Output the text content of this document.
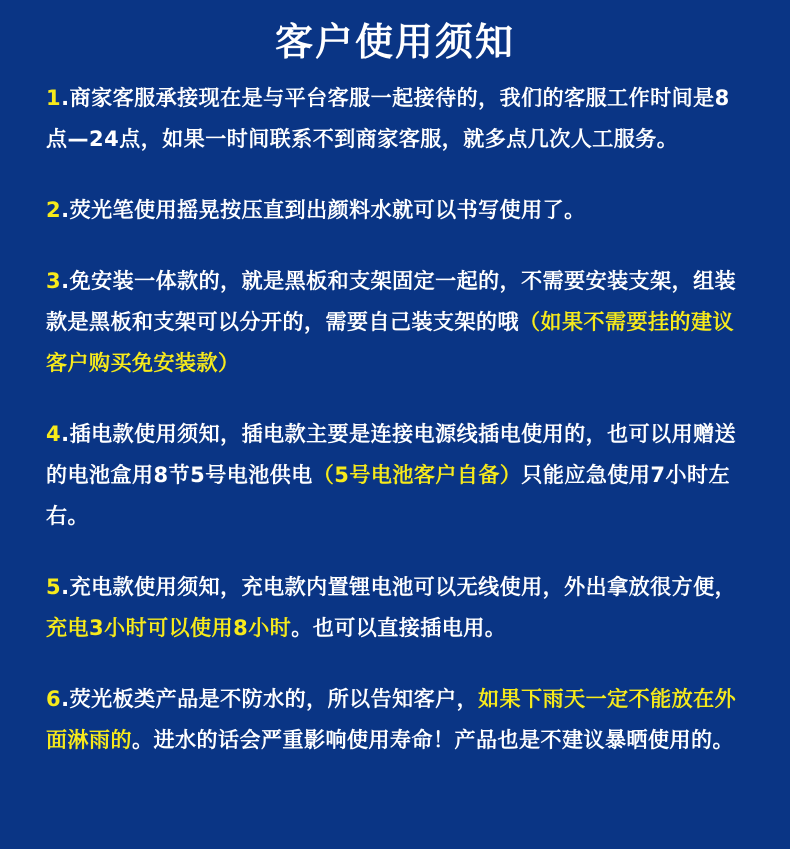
客户使用须知
1.商家客服承接现在是与平台客服一起接待的，我们的客服工作时间是8点—24点，如果一时间联系不到商家客服，就多点几次人工服务。
2.荧光笔使用摇晃按压直到出颜料水就可以书写使用了。
3.免安装一体款的，就是黑板和支架固定一起的，不需要安装支架，组装款是黑板和支架可以分开的，需要自己装支架的哦（如果不需要挂的建议客户购买免安装款）
4.插电款使用须知，插电款主要是连接电源线插电使用的，也可以用赠送的电池盒用8节5号电池供电（5号电池客户自备）只能应急使用7小时左右。
5.充电款使用须知，充电款内置锂电池可以无线使用，外出拿放很方便，充电3小时可以使用8小时。也可以直接插电用。
6.荧光板类产品是不防水的，所以告知客户，如果下雨天一定不能放在外面淋雨的。进水的话会严重影响使用寿命！产品也是不建议暴晒使用的。
